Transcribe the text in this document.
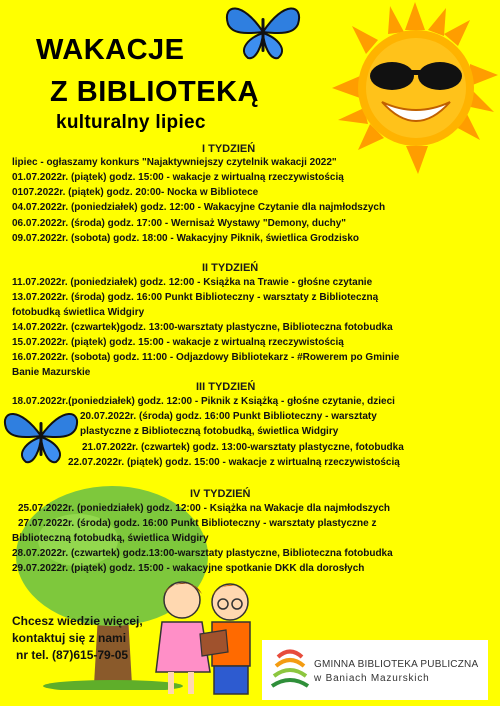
WAKACJE
Z BIBLIOTEKĄ
kulturalny lipiec
I TYDZIEŃ
lipiec - ogłaszamy konkurs "Najaktywniejszy czytelnik wakacji 2022"
01.07.2022r. (piątek) godz. 15:00 - wakacje z wirtualną rzeczywistością
0107.2022r. (piątek) godz. 20:00- Nocka w Bibliotece
04.07.2022r. (poniedziałek) godz. 12:00 - Wakacyjne Czytanie dla najmłodszych
06.07.2022r. (środa) godz. 17:00 - Wernisaż Wystawy "Demony, duchy"
09.07.2022r. (sobota) godz. 18:00 - Wakacyjny Piknik, świetlica Grodzisko
II TYDZIEŃ
11.07.2022r. (poniedziałek) godz. 12:00 - Książka na Trawie - głośne czytanie
13.07.2022r. (środa) godz. 16:00 Punkt Biblioteczny - warsztaty z Biblioteczną
fotobudką świetlica Widgiry
14.07.2022r. (czwartek)godz. 13:00-warsztaty plastyczne, Biblioteczna fotobudka
15.07.2022r. (piątek) godz. 15:00 - wakacje z wirtualną rzeczywistością
16.07.2022r. (sobota) godz. 11:00 - Odjazdowy Bibliotekarz - #Rowerem po Gminie
Banie Mazurskie
III TYDZIEŃ
18.07.2022r.(poniedziałek) godz. 12:00 - Piknik z Książką - głośne czytanie, dzieci
20.07.2022r. (środa) godz. 16:00 Punkt Biblioteczny - warsztaty
plastyczne z Biblioteczną fotobudką, świetlica Widgiry
21.07.2022r. (czwartek) godz. 13:00-warsztaty plastyczne, fotobudka
22.07.2022r. (piątek) godz. 15:00 - wakacje z wirtualną rzeczywistością
IV TYDZIEŃ
25.07.2022r. (poniedziałek) godz. 12:00 - Książka na Wakacje dla najmłodszych
27.07.2022r. (środa) godz. 16:00 Punkt Biblioteczny - warsztaty plastyczne z
Biblioteczną fotobudką, świetlica Widgiry
28.07.2022r. (czwartek) godz.13:00-warsztaty plastyczne, Biblioteczna fotobudka
29.07.2022r. (piątek) godz. 15:00 - wakacyjne spotkanie DKK dla dorosłych
Chcesz wiedzie więcej,
kontaktuj się z nami
nr tel. (87)615-79-05
GMINNA BIBLIOTEKA PUBLICZNA
w Baniach Mazurskich
